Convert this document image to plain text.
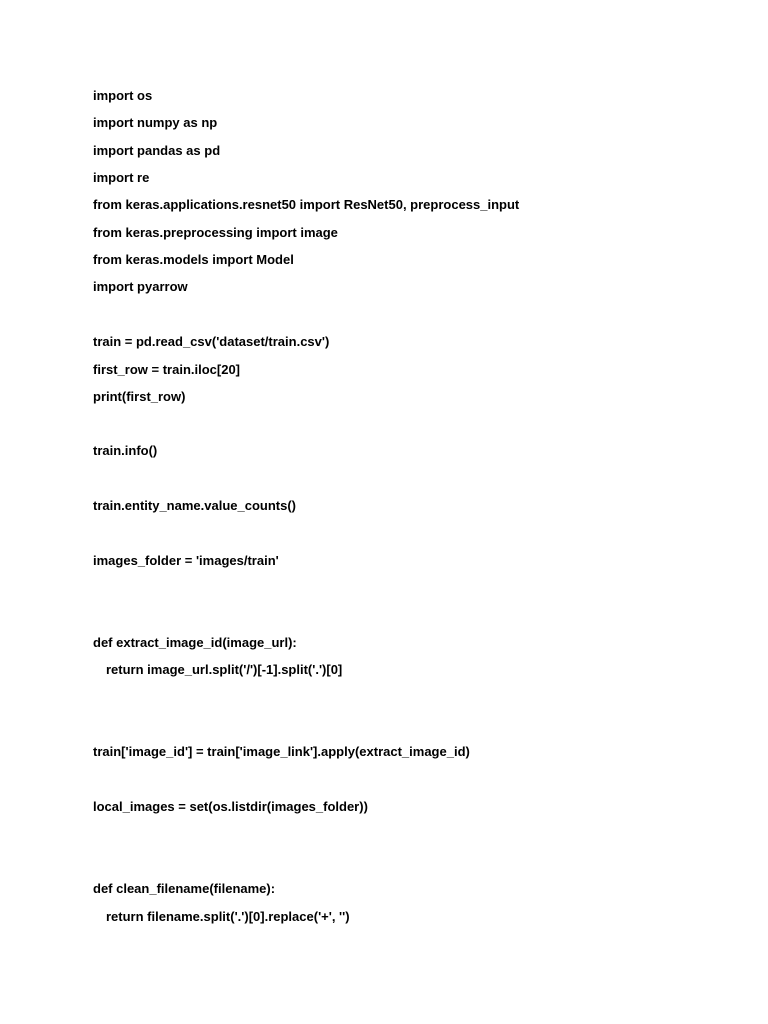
import os
import numpy as np
import pandas as pd
import re
from keras.applications.resnet50 import ResNet50, preprocess_input
from keras.preprocessing import image
from keras.models import Model
import pyarrow
train = pd.read_csv('dataset/train.csv')
first_row = train.iloc[20]
print(first_row)
train.info()
train.entity_name.value_counts()
images_folder = 'images/train'
def extract_image_id(image_url):
return image_url.split('/')[-1].split('.')[0]
train['image_id'] = train['image_link'].apply(extract_image_id)
local_images = set(os.listdir(images_folder))
def clean_filename(filename):
return filename.split('.')[0].replace('+', '')
